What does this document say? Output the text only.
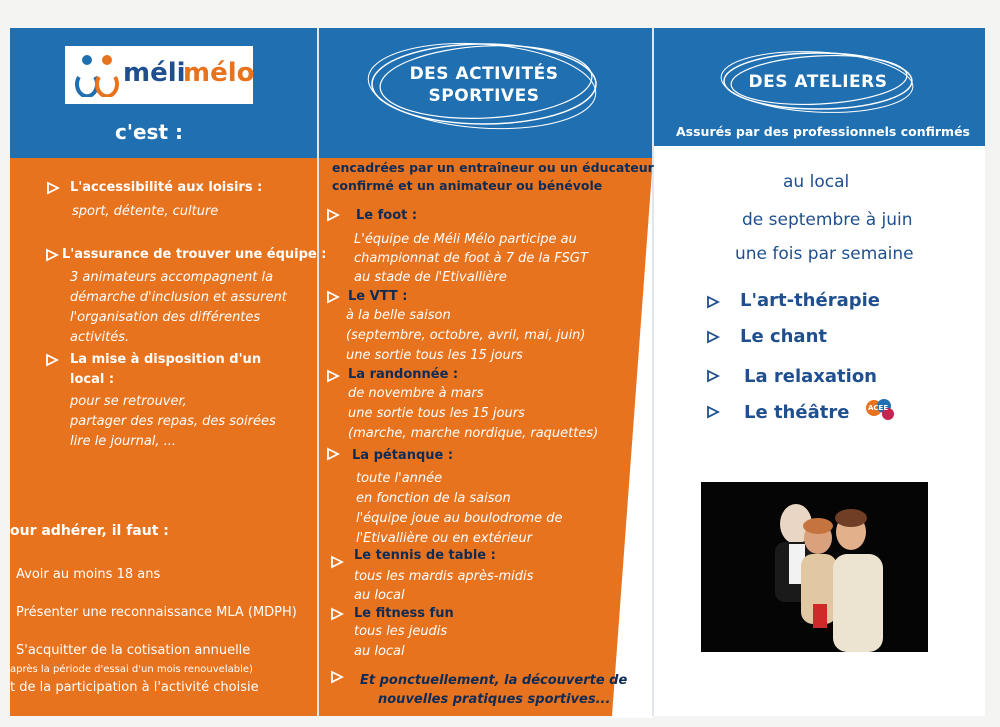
méli
mélo
c'est :
L'accessibilité aux loisirs :
sport, détente, culture
L'assurance de trouver une équipe :
3 animateurs accompagnent la
démarche d'inclusion et assurent
l'organisation des différentes
activités.
La mise à disposition d'un
local :
pour se retrouver,
partager des repas, des soirées
lire le journal, ...
our adhérer, il faut :
Avoir au moins 18 ans
Présenter une reconnaissance MLA (MDPH)
S'acquitter de la cotisation annuelle
après la période d'essai d'un mois renouvelable)
t de la participation à l'activité choisie
DES ACTIVITÉS
SPORTIVES
encadrées par un entraîneur ou un éducateur
confirmé et un animateur ou bénévole
Le foot :
L'équipe de Méli Mélo participe au
championnat de foot à 7 de la FSGT
au stade de l'Etivallière
Le VTT :
à la belle saison
(septembre, octobre, avril, mai, juin)
une sortie tous les 15 jours
La randonnée :
de novembre à mars
une sortie tous les 15 jours
(marche, marche nordique, raquettes)
La pétanque :
toute l'année
en fonction de la saison
l'équipe joue au boulodrome de
l'Etivallière ou en extérieur
Le tennis de table :
tous les mardis après-midis
au local
Le fitness fun
tous les jeudis
au local
Et ponctuellement, la découverte de
nouvelles pratiques sportives...
DES ATELIERS
Assurés par des professionnels confirmés
au local
de septembre à juin
une fois par semaine
L'art-thérapie
Le chant
La relaxation
Le théâtre	ACEE
